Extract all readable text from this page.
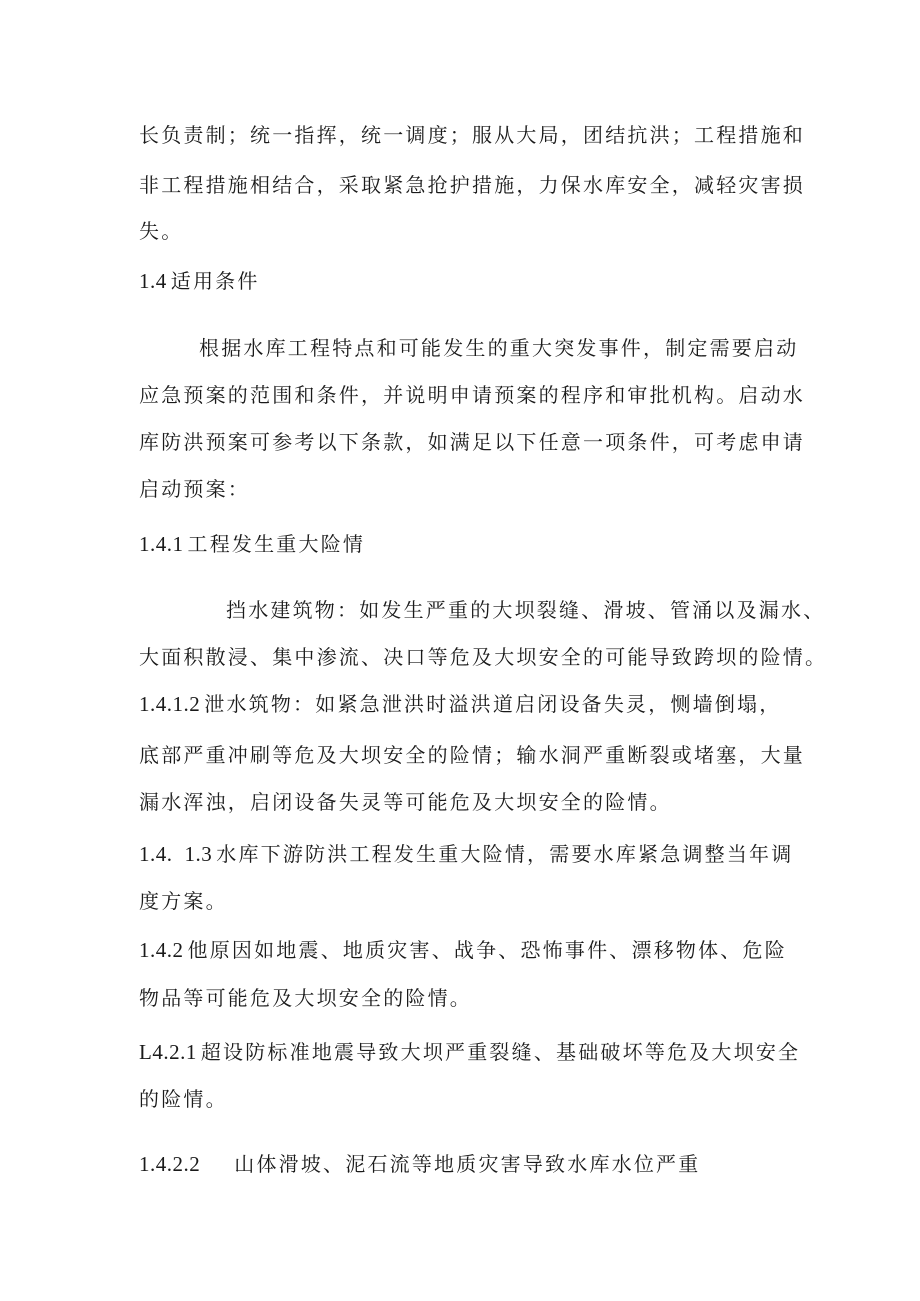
长负责制；统一指挥，统一调度；服从大局，团结抗洪；工程措施和
非工程措施相结合，采取紧急抢护措施，力保水库安全，减轻灾害损
失。
1.4 适用条件
根据水库工程特点和可能发生的重大突发事件，制定需要启动
应急预案的范围和条件，并说明申请预案的程序和审批机构。启动水
库防洪预案可参考以下条款，如满足以下任意一项条件，可考虑申请
启动预案：
1.4.1 工程发生重大险情
挡水建筑物：如发生严重的大坝裂缝、滑坡、管涌以及漏水、
大面积散浸、集中渗流、决口等危及大坝安全的可能导致跨坝的险情。
1.4.1.2 泄水筑物：如紧急泄洪时溢洪道启闭设备失灵，恻墙倒塌，
底部严重冲刷等危及大坝安全的险情；输水洞严重断裂或堵塞，大量
漏水浑浊，启闭设备失灵等可能危及大坝安全的险情。
1.4. 1.3 水库下游防洪工程发生重大险情，需要水库紧急调整当年调
度方案。
1.4.2 他原因如地震、地质灾害、战争、恐怖事件、漂移物体、危险
物品等可能危及大坝安全的险情。
L4.2.1 超设防标准地震导致大坝严重裂缝、基础破坏等危及大坝安全
的险情。
1.4.2.2 山体滑坡、泥石流等地质灾害导致水库水位严重
